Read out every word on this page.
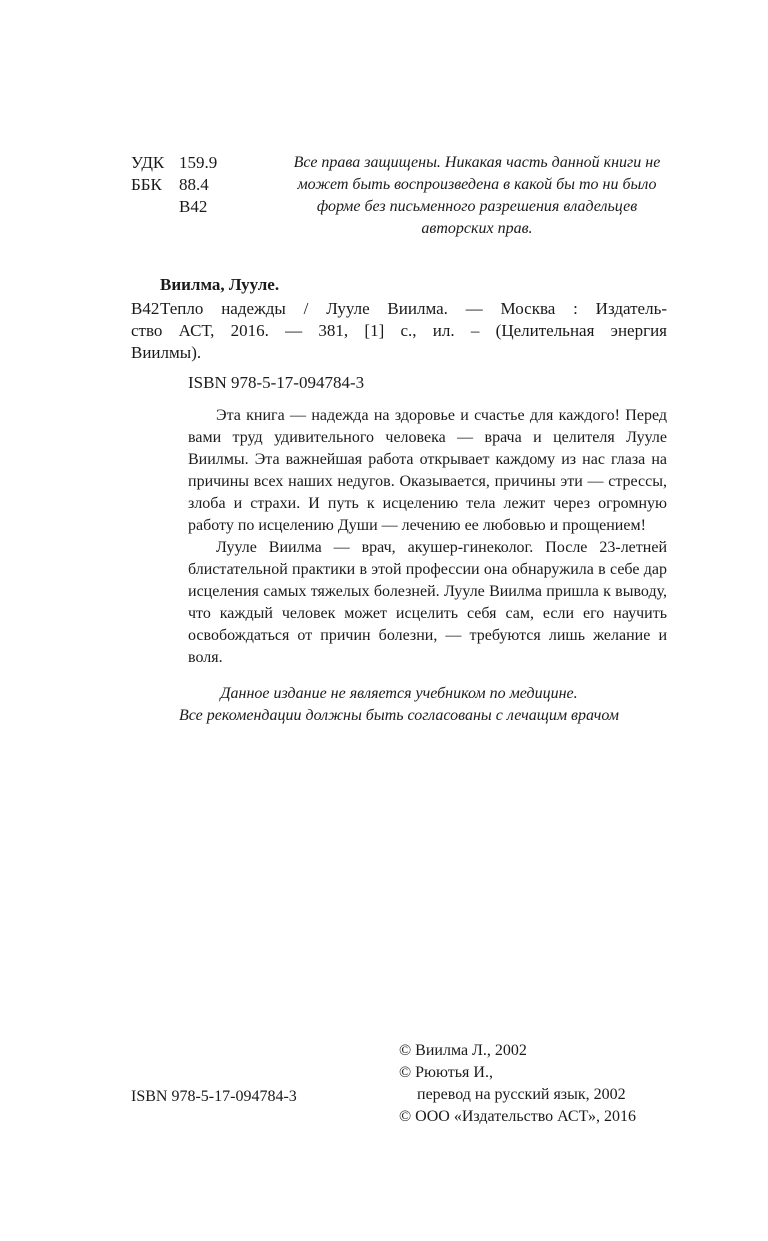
УДК 159.9
ББК	88.4
В42
Все права защищены. Никакая часть данной книги не может быть воспроизведена в какой бы то ни было форме без письменного разрешения владельцев авторских прав.
Виилма, Лууле.
В42 Тепло надежды / Лууле Виилма. — Москва : Издатель-
ство АСТ, 2016. — 381, [1] с., ил. – (Целительная энергия
Виилмы).
ISBN 978-5-17-094784-3

Эта книга — надежда на здоровье и счастье для каждого! Перед вами труд удивительного человека — врача и целителя Лууле Виилмы. Эта важнейшая работа открывает каждому из нас глаза на причины всех наших недугов. Оказывается, причины эти — стрессы, злоба и страхи. И путь к исцелению тела лежит через огромную работу по исцелению Души — лечению ее любовью и прощением!

Лууле Виилма — врач, акушер-гинеколог. После 23-летней блистательной практики в этой профессии она обнаружила в себе дар исцеления самых тяжелых болезней. Лууле Виилма пришла к выводу, что каждый человек может исцелить себя сам, если его научить освобождаться от причин болезни, — требуются лишь желание и воля.

Данное издание не является учебником по медицине.
Все рекомендации должны быть согласованы с лечащим врачом
© Виилма Л., 2002
© Рюютья И.,
перевод на русский язык, 2002
© ООО «Издательство АСТ», 2016
ISBN 978-5-17-094784-3
